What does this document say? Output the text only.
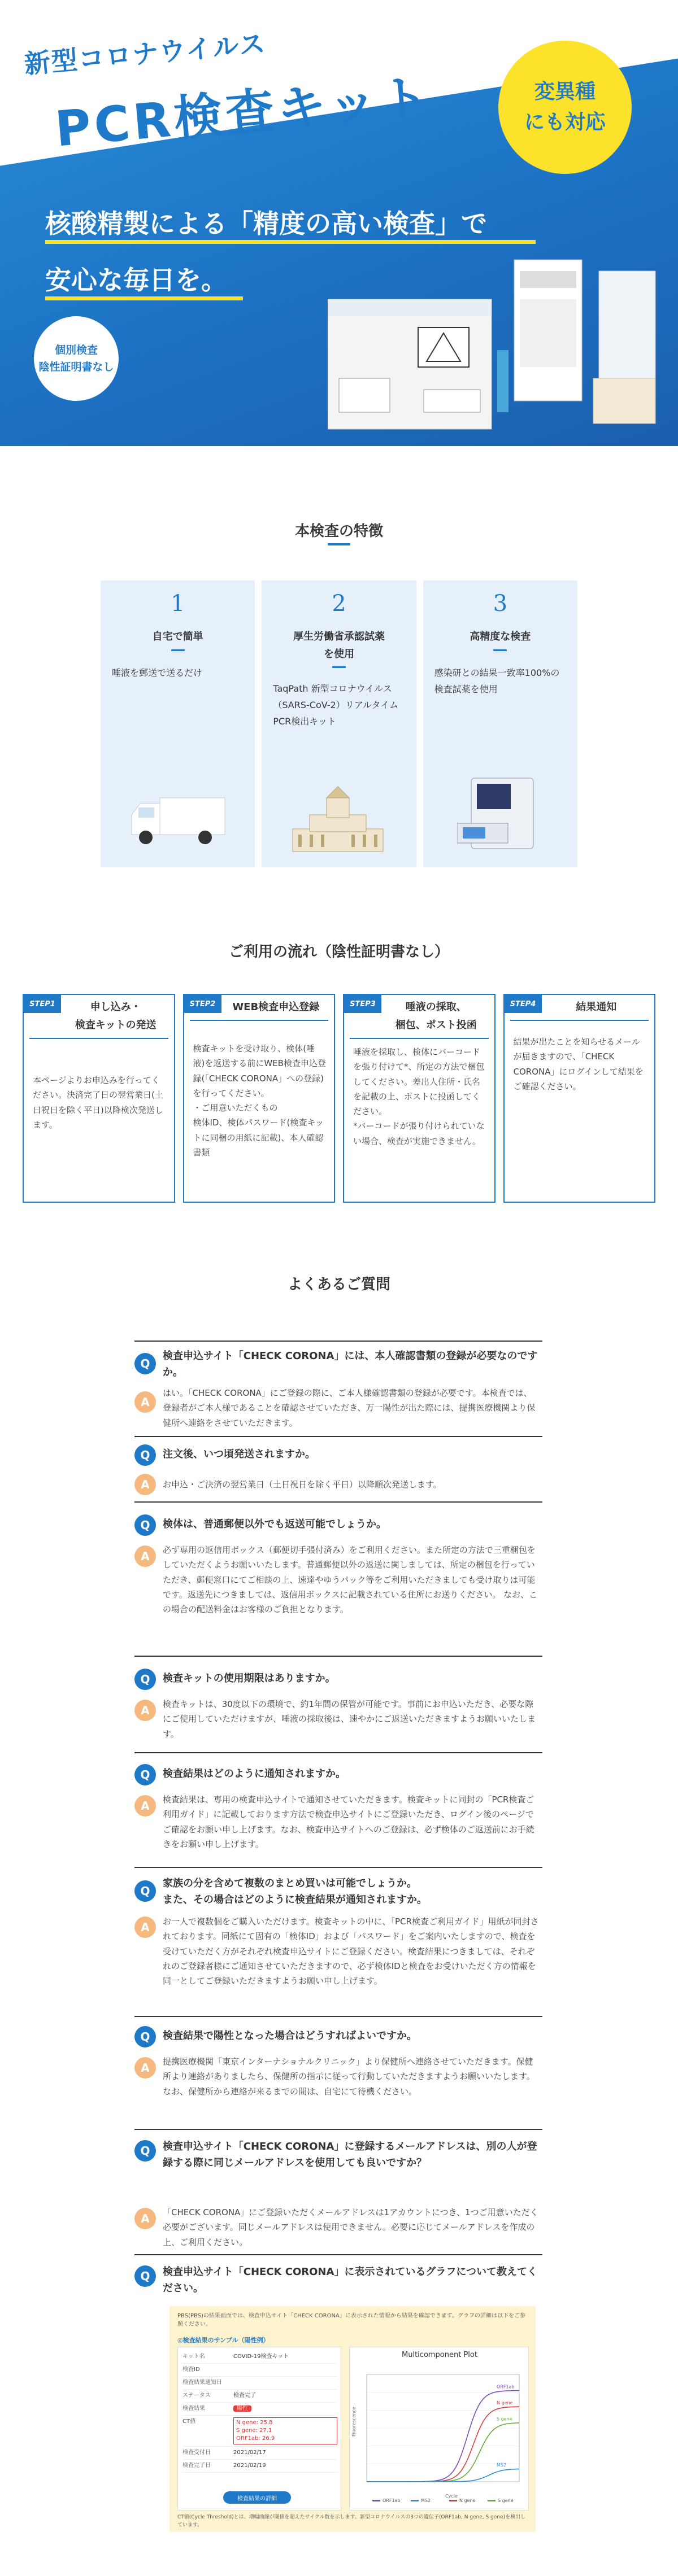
新型コロナウイルス
PCR検査キット	変異種
にも対応
核酸精製による「精度の高い検査」で
安心な毎日を。
個別検査
陰性証明書なし
本検査の特徴
1
自宅で簡単
唾液を郵送で送るだけ
2
厚生労働省承認試薬
を使用
TaqPath 新型コロナウイルス（SARS-CoV-2）リアルタイムPCR検出キット
3
高精度な検査
感染研との結果一致率100%の検査試薬を使用
ご利用の流れ（陰性証明書なし）
STEP1	申し込み・
検査キットの発送
本ページよりお申込みを行ってください。決済完了日の翌営業日(土日祝日を除く平日)以降検次発送します。
STEP2	WEB検査申込登録
検査キットを受け取り、検体(唾液)を返送する前にWEB検査申込登録(「CHECK CORONA」への登録)を行ってください。
・ご用意いただくもの
検体ID、検体パスワード(検査キットに同梱の用紙に記載)、本人確認書類
STEP3	唾液の採取、
梱包、ポスト投函
唾液を採取し、検体にバーコードを張り付けて*、所定の方法で梱包してください。差出人住所・氏名を記載の上、ポストに投函してください。
*バーコードが張り付けられていない場合、検査が実施できません。
STEP4	結果通知
結果が出たことを知らせるメールが届きますので、「CHECK CORONA」にログインして結果をご確認ください。
よくあるご質問
Q
検査申込サイト「CHECK CORONA」には、本人確認書類の登録が必要なのですか。
A
はい。「CHECK CORONA」にご登録の際に、ご本人様確認書類の登録が必要です。本検査では、登録者がご本人様であることを確認させていただき、万一陽性が出た際には、提携医療機関より保健所へ連絡をさせていただきます。
Q	注文後、いつ頃発送されますか。
A	お申込・ご決済の翌営業日（土日祝日を除く平日）以降順次発送します。
Q	検体は、普通郵便以外でも返送可能でしょうか。
A	必ず専用の返信用ボックス（郵便切手張付済み）をご利用ください。また所定の方法で三重梱包をしていただくようお願いいたします。普通郵便以外の返送に関しましては、所定の梱包を行っていただき、郵便窓口にてご相談の上、速達やゆうパック等をご利用いただきましても受け取りは可能です。返送先につきましては、返信用ボックスに記載されている住所にお送りください。 なお、この場合の配送料金はお客様のご負担となります。
Q	検査キットの使用期限はありますか。
A	検査キットは、30度以下の環境で、約1年間の保管が可能です。事前にお申込いただき、必要な際にご使用していただけますが、唾液の採取後は、速やかにご返送いただきますようお願いいたします。
Q	検査結果はどのように通知されますか。
A	検査結果は、専用の検査申込サイトで通知させていただきます。検査キットに同封の「PCR検査ご利用ガイド」に記載しております方法で検査申込サイトにご登録いただき、ログイン後のページでご確認をお願い申し上げます。なお、検査申込サイトへのご登録は、必ず検体のご返送前にお手続きをお願い申し上げます。
Q
家族の分を含めて複数のまとめ買いは可能でしょうか。
また、その場合はどのように検査結果が通知されますか。
A	お一人で複数個をご購入いただけます。検査キットの中に、「PCR検査ご利用ガイド」用紙が同封されております。同紙にて固有の「検体ID」および「パスワード」をご案内いたしますので、検査を受けていただく方がそれぞれ検査申込サイトにご登録ください。検査結果につきましては、それぞれのご登録者様にご通知させていただきますので、必ず検体IDと検査をお受けいただく方の情報を同一としてご登録いただきますようお願い申し上げます。
Q	検査結果で陽性となった場合はどうすればよいですか。
A	提携医療機関「東京インターナショナルクリニック」より保健所へ連絡させていただきます。保健所より連絡がありましたら、保健所の指示に従って行動していただきますようお願いいたします。なお、保健所から連絡が来るまでの間は、自宅にて待機ください。
Q	検査申込サイト「CHECK CORONA」に登録するメールアドレスは、別の人が登録する際に同じメールアドレスを使用しても良いですか？
A	「CHECK CORONA」にご登録いただくメールアドレスは1アカウントにつき、1つご用意いただく必要がございます。同じメールアドレスは使用できません。必要に応じてメールアドレスを作成の上、ご利用ください。
Q	検査申込サイト「CHECK CORONA」に表示されているグラフについて教えてください。
PBS(PBS)の結果画面では、検査申込サイト「CHECK CORONA」に表示された情報から結果を確認できます。グラフの詳細は以下をご参照ください。
◎検査結果のサンプル（陽性例）
キット名	COVID-19検査キット
検査ID
検査結果通知日
ステータス	検査完了
検査結果	陽性
CT値	N gene: 25.8
S gene: 27.1
ORF1ab: 26.9
検査受付日	2021/02/17
検査完了日	2021/02/19
検査結果の詳細
Multicomponent Plot
Fluorescence
Cycle
ORF1ab
N gene
S gene
MS2
ORF1ab	MS2	N gene	S gene
CT値(Cycle Threshold)とは、増幅曲線が閾値を超えたサイクル数を示します。新型コロナウイルスの3つの遺伝子(ORF1ab, N gene, S gene)を検出しています。
